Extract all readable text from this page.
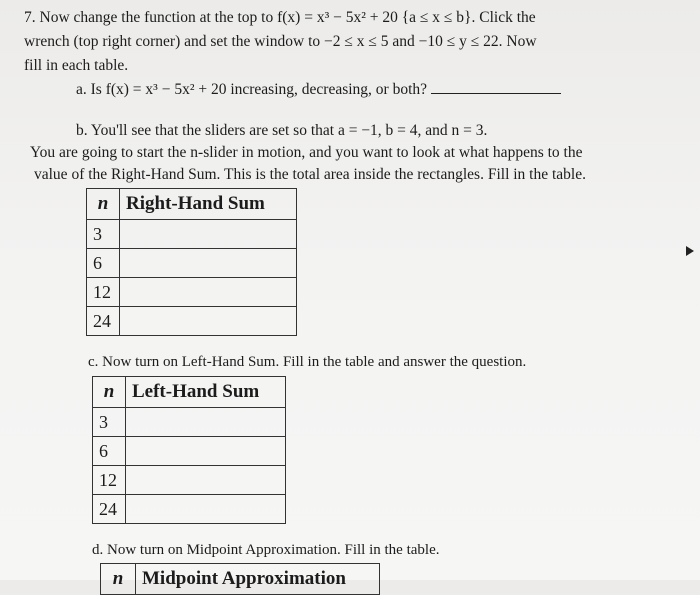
7. Now change the function at the top to f(x) = x³ − 5x² + 20 {a ≤ x ≤ b}. Click the
wrench (top right corner) and set the window to −2 ≤ x ≤ 5 and −10 ≤ y ≤ 22. Now
fill in each table.
a. Is f(x) = x³ − 5x² + 20 increasing, decreasing, or both?
b. You'll see that the sliders are set so that a = −1, b = 4, and n = 3.
You are going to start the n-slider in motion, and you want to look at what happens to the
value of the Right-Hand Sum. This is the total area inside the rectangles. Fill in the table.
n	Right-Hand Sum
3	
6	
12	
24	
c. Now turn on Left-Hand Sum. Fill in the table and answer the question.
n	Left-Hand Sum
3	
6	
12	
24	
d. Now turn on Midpoint Approximation. Fill in the table.
n	Midpoint Approximation
